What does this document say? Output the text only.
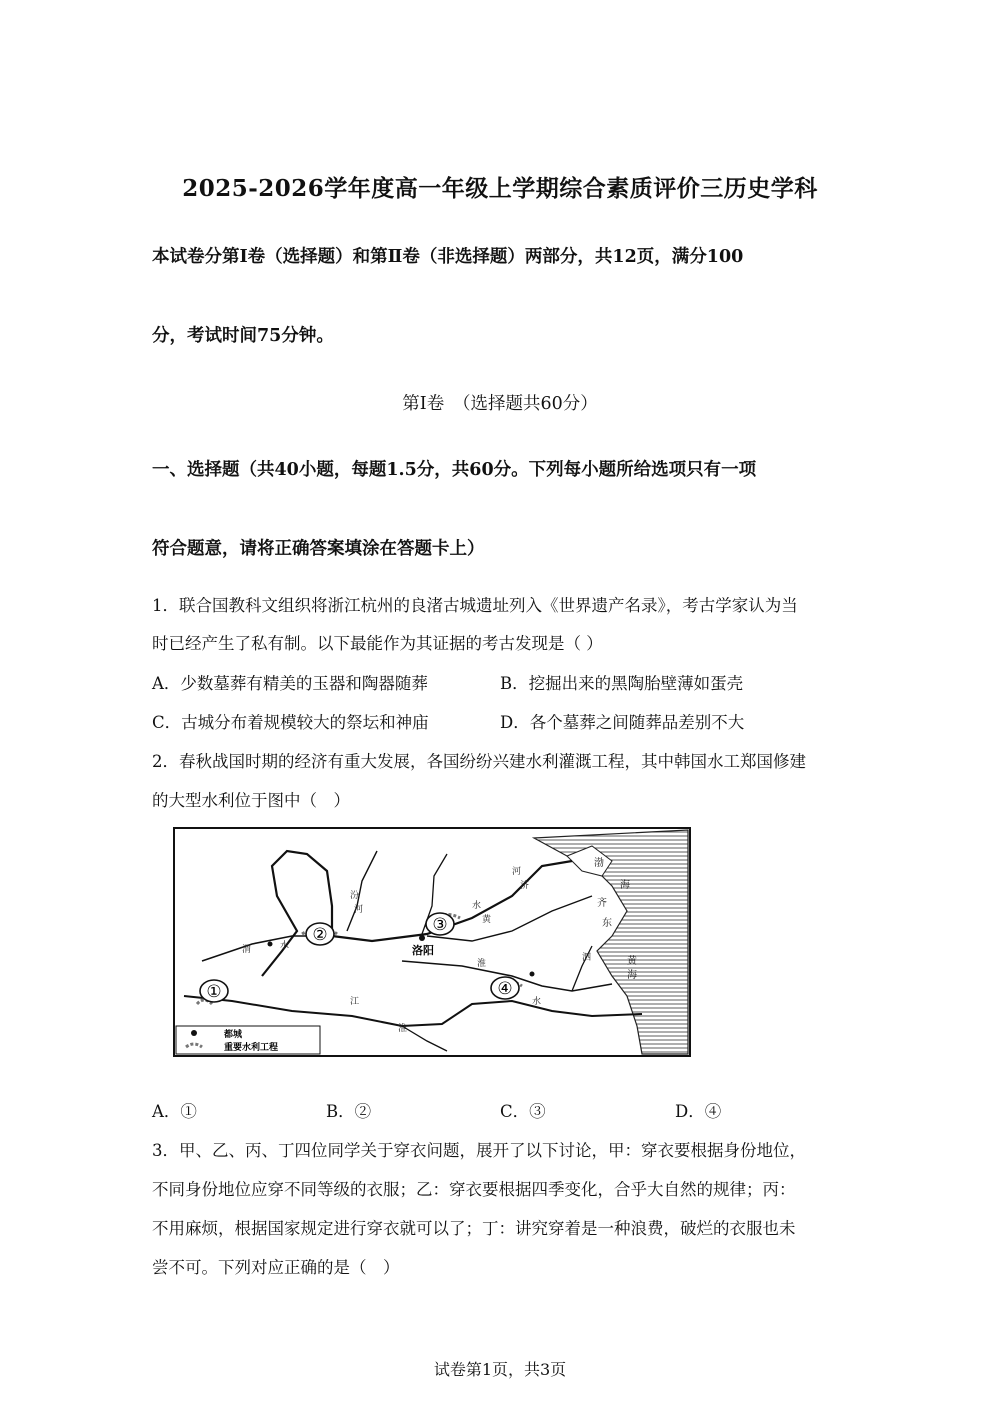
2025-2026学年度高一年级上学期综合素质评价三历史学科
本试卷分第Ⅰ卷（选择题）和第Ⅱ卷（非选择题）两部分，共12页，满分100
分，考试时间75分钟。
第Ⅰ卷　（选择题共60分）
一、选择题（共40小题，每题1.5分，共60分。下列每小题所给选项只有一项
符合题意，请将正确答案填涂在答题卡上）
1．联合国教科文组织将浙江杭州的良渚古城遗址列入《世界遗产名录》，考古学家认为当
时已经产生了私有制。以下最能作为其证据的考古发现是（ ）
A．少数墓葬有精美的玉器和陶器随葬	B．挖掘出来的黑陶胎壁薄如蛋壳
C．古城分布着规模较大的祭坛和神庙	D．各个墓葬之间随葬品差别不大
2．春秋战国时期的经济有重大发展，各国纷纷兴建水利灌溉工程，其中韩国水工郑国修建
的大型水利位于图中（　）
①
②	③
④
洛阳
渭	水
汾
河
黄
济
淮
江	水
水
河
淮
泗
渤
海
黄
海
齐
东
都城
重要水利工程
A．①	B．②	C．③	D．④
3．甲、乙、丙、丁四位同学关于穿衣问题，展开了以下讨论，甲：穿衣要根据身份地位，
不同身份地位应穿不同等级的衣服；乙：穿衣要根据四季变化，合乎大自然的规律；丙：
不用麻烦，根据国家规定进行穿衣就可以了；丁：讲究穿着是一种浪费，破烂的衣服也未
尝不可。下列对应正确的是（　）
试卷第1页，共3页
